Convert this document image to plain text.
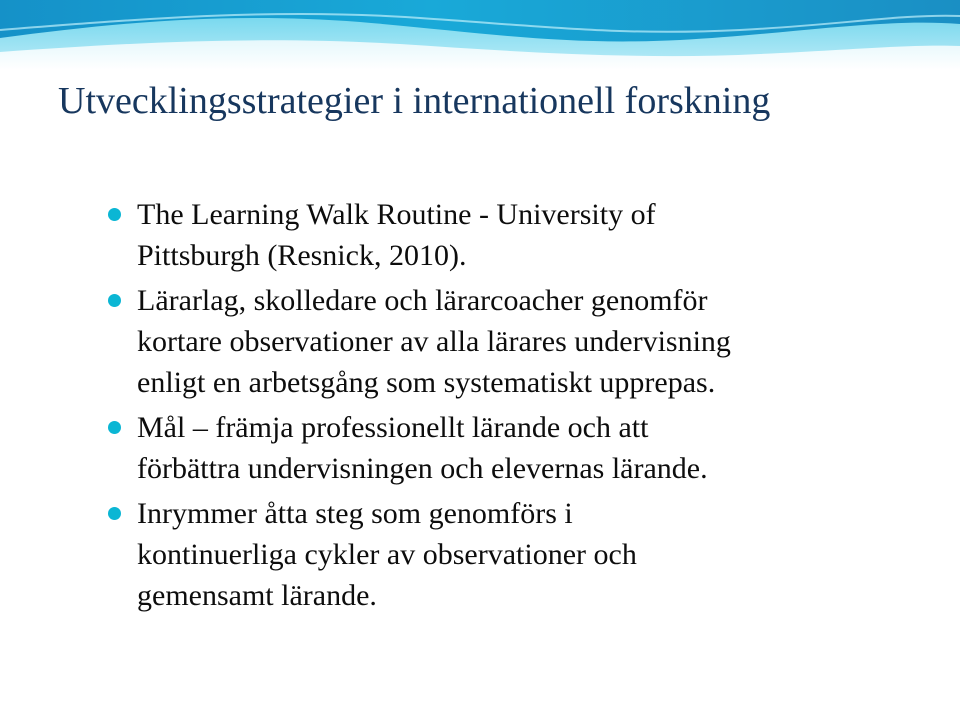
Utvecklingsstrategier i internationell forskning
The Learning Walk Routine - University of
Pittsburgh (Resnick, 2010).
Lärarlag, skolledare och lärarcoacher genomför
kortare observationer av alla lärares undervisning
enligt en arbetsgång som systematiskt upprepas.
Mål – främja professionellt lärande och att
förbättra undervisningen och elevernas lärande.
Inrymmer åtta steg som genomförs i
kontinuerliga cykler av observationer och
gemensamt lärande.
